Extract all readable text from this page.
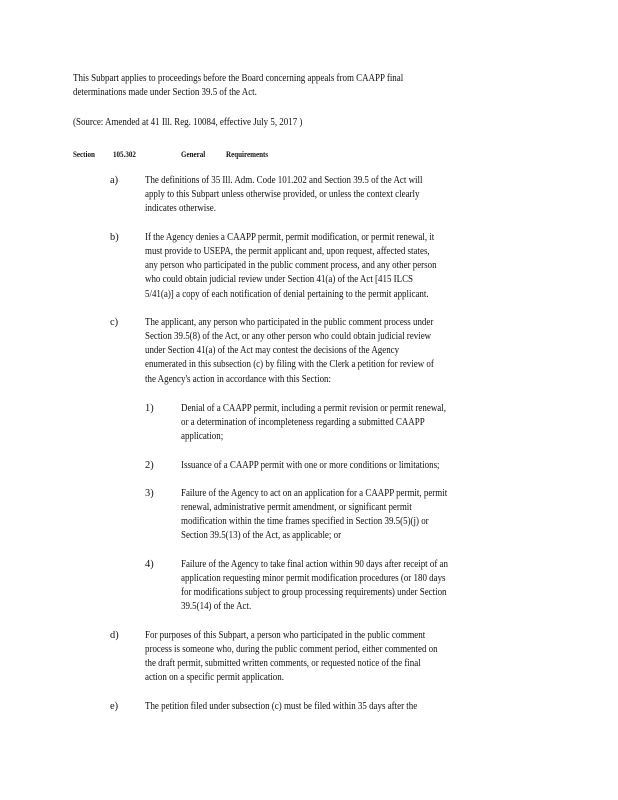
This Subpart applies to proceedings before the Board concerning appeals from CAAPP final
determinations made under Section 39.5 of the Act.
(Source: Amended at 41 Ill. Reg. 10084, effective July 5, 2017 )
Section 105.302	General Requirements
a)	The definitions of 35 Ill. Adm. Code 101.202 and Section 39.5 of the Act will
apply to this Subpart unless otherwise provided, or unless the context clearly
indicates otherwise.
b)	If the Agency denies a CAAPP permit, permit modification, or permit renewal, it
must provide to USEPA, the permit applicant and, upon request, affected states,
any person who participated in the public comment process, and any other person
who could obtain judicial review under Section 41(a) of the Act [415 ILCS
5/41(a)] a copy of each notification of denial pertaining to the permit applicant.
c)	The applicant, any person who participated in the public comment process under
Section 39.5(8) of the Act, or any other person who could obtain judicial review
under Section 41(a) of the Act may contest the decisions of the Agency
enumerated in this subsection (c) by filing with the Clerk a petition for review of
the Agency's action in accordance with this Section:
1)	Denial of a CAAPP permit, including a permit revision or permit renewal,
or a determination of incompleteness regarding a submitted CAAPP
application;
2)	Issuance of a CAAPP permit with one or more conditions or limitations;
3)	Failure of the Agency to act on an application for a CAAPP permit, permit
renewal, administrative permit amendment, or significant permit
modification within the time frames specified in Section 39.5(5)(j) or
Section 39.5(13) of the Act, as applicable; or
4)	Failure of the Agency to take final action within 90 days after receipt of an
application requesting minor permit modification procedures (or 180 days
for modifications subject to group processing requirements) under Section
39.5(14) of the Act.
d)	For purposes of this Subpart, a person who participated in the public comment
process is someone who, during the public comment period, either commented on
the draft permit, submitted written comments, or requested notice of the final
action on a specific permit application.
e)	The petition filed under subsection (c) must be filed within 35 days after the
